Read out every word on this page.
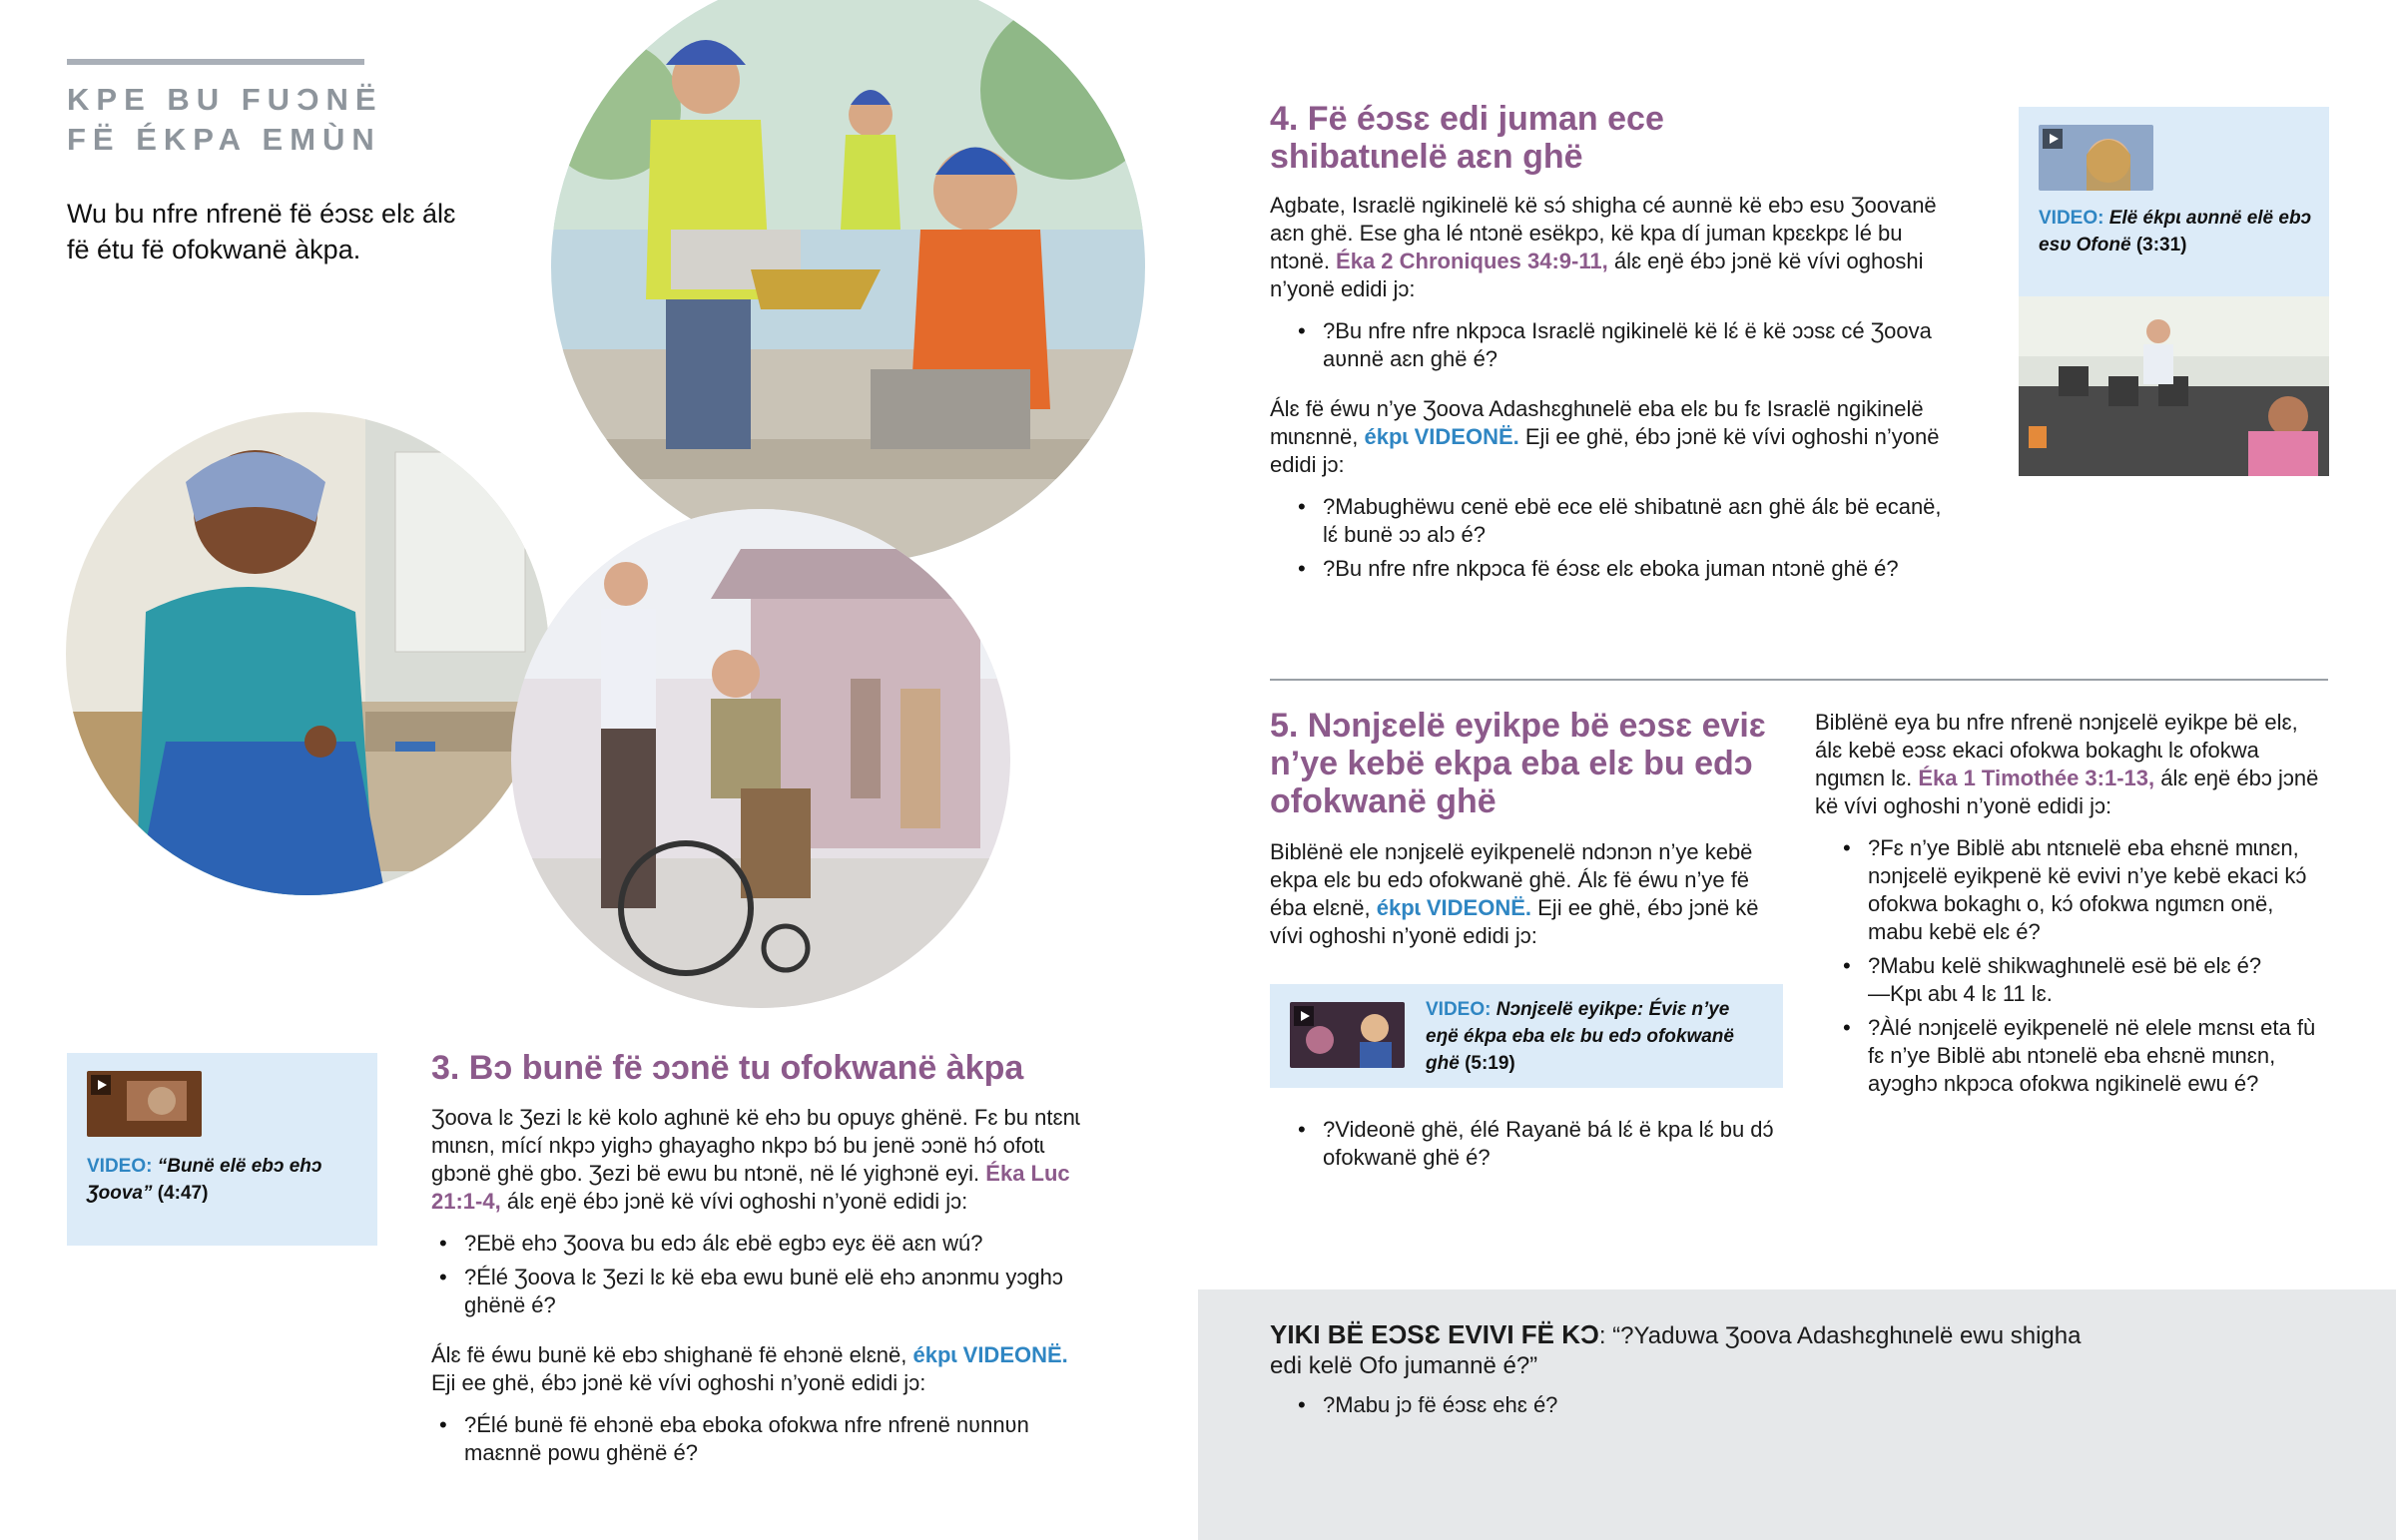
KPE BU FUƆNË
FË ÉKPA EMÙN
Wu bu nfre nfrenë fë éɔsɛ elɛ álɛ fë étu fë ofokwanë àkpa.
VIDEO: “Bunë elë ebɔ ehɔ Ʒoova” (4:47)
3. Bɔ bunë fë ɔɔnë tu ofokwanë àkpa
Ʒoova lɛ Ʒezi lɛ kë kolo aghɩnë kë ehɔ bu opuyɛ ghënë. Fɛ bu ntɛnɩ mɩnɛn, mící nkpɔ yighɔ ghayagho nkpɔ bɔ́ bu jenë ɔɔnë hɔ́ ofotɩ gbɔnë ghë gbo. Ʒezi bë ewu bu ntɔnë, në lé yighɔnë eyi. Éka Luc 21:1-4, álɛ eŋë ébɔ jɔnë kë vívi oghoshi n’yonë edidi jɔ:
• ?Ebë ehɔ Ʒoova bu edɔ álɛ ebë egbɔ eyɛ ëë aɛn wú?
• ?Élé Ʒoova lɛ Ʒezi lɛ kë eba ewu bunë elë ehɔ anɔnmu yɔghɔ ghënë é?
Álɛ fë éwu bunë kë ebɔ shighanë fë ehɔnë elɛnë, ékpɩ VIDEONË. Eji ee ghë, ébɔ jɔnë kë vívi oghoshi n’yonë edidi jɔ:
• ?Élé bunë fë ehɔnë eba eboka ofokwa nfre nfrenë nʋnnʋn maɛnnë powu ghënë é?
4. Fë éɔsɛ edi juman ece
shibatɩnelë aɛn ghë
Agbate, Israɛlë ngikinelë kë sɔ́ shigha cé aʋnnë kë ebɔ esʋ Ʒoovanë aɛn ghë. Ese gha lé ntɔnë esëkpɔ, kë kpa dí juman kpɛɛkpɛ lé bu ntɔnë. Éka 2 Chroniques 34:9-11, álɛ eŋë ébɔ jɔnë kë vívi oghoshi n’yonë edidi jɔ:
• ?Bu nfre nfre nkpɔca Israɛlë ngikinelë kë lɛ́ ë kë ɔɔsɛ cé Ʒoova aʋnnë aɛn ghë é?
Álɛ fë éwu n’ye Ʒoova Adashɛghɩnelë eba elɛ bu fɛ Israɛlë ngikinelë mɩnɛnnë, ékpɩ VIDEONË. Eji ee ghë, ébɔ jɔnë kë vívi oghoshi n’yonë edidi jɔ:
• ?Mabughëwu cenë ebë ece elë shibatɩnë aɛn ghë álɛ bë ecanë, lɛ́ bunë ɔɔ alɔ é?
• ?Bu nfre nfre nkpɔca fë éɔsɛ elɛ eboka juman ntɔnë ghë é?
VIDEO: Elë ékpɩ aʋnnë elë ebɔ esʋ Ofonë (3:31)
5. Nɔnjɛelë eyikpe bë eɔsɛ eviɛ
n’ye kebë ekpa eba elɛ bu edɔ
ofokwanë ghë
Biblënë ele nɔnjɛelë eyikpenelë ndɔnɔn n’ye kebë ekpa elɛ bu edɔ ofokwanë ghë. Álɛ fë éwu n’ye fë éba elɛnë, ékpɩ VIDEONË. Eji ee ghë, ébɔ jɔnë kë vívi oghoshi n’yonë edidi jɔ:
VIDEO: Nɔnjɛelë eyikpe: Éviɛ n’ye eŋë ékpa eba elɛ bu edɔ ofokwanë ghë (5:19)
• ?Videonë ghë, élé Rayanë bá lɛ́ ë kpa lɛ́ bu dɔ́ ofokwanë ghë é?
Biblënë eya bu nfre nfrenë nɔnjɛelë eyikpe bë elɛ, álɛ kebë eɔsɛ ekaci ofokwa bokaghɩ lɛ ofokwa ngɩmɛn lɛ. Éka 1 Timothée 3:1-13, álɛ eŋë ébɔ jɔnë kë vívi oghoshi n’yonë edidi jɔ:
• ?Fɛ n’ye Biblë abɩ ntɛnɩelë eba ehɛnë mɩnɛn, nɔnjɛelë eyikpenë kë evivi n’ye kebë ekaci kɔ́ ofokwa bokaghɩ o, kɔ́ ofokwa ngɩmɛn onë, mabu kebë elɛ é?
• ?Mabu kelë shikwaghɩnelë esë bë elɛ é?
—Kpɩ abɩ 4 lɛ 11 lɛ.
• ?Àlé nɔnjɛelë eyikpenelë në elele mɛnsɩ eta fù fɛ n’ye Biblë abɩ ntɔnelë eba ehɛnë mɩnɛn, ayɔghɔ nkpɔca ofokwa ngikinelë ewu é?
YIKI BË EƆSƐ EVIVI FË KƆ: “?Yadʋwa Ʒoova Adashɛghɩnelë ewu shigha edi kelë Ofo jumannë é?”
• ?Mabu jɔ fë éɔsɛ ehɛ é?
